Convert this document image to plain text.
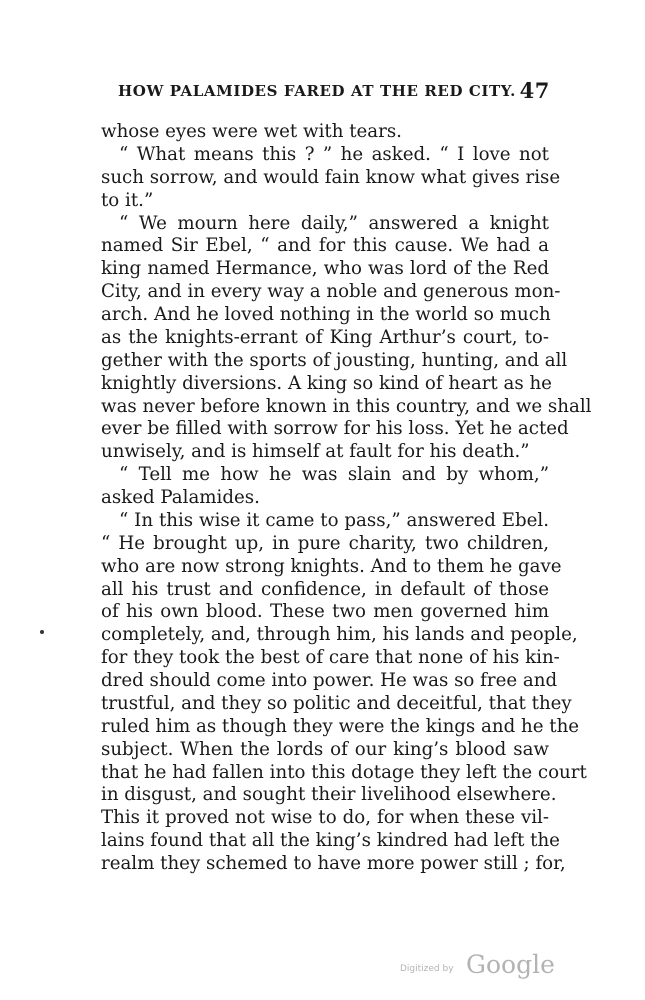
HOW PALAMIDES FARED AT THE RED CITY. 47
whose eyes were wet with tears.
“ What means this ? ” he asked. “ I love not
such sorrow, and would fain know what gives rise
to it.”
“ We mourn here daily,” answered a knight
named Sir Ebel, “ and for this cause. We had a
king named Hermance, who was lord of the Red
City, and in every way a noble and generous mon-
arch. And he loved nothing in the world so much
as the knights-errant of King Arthur’s court, to-
gether with the sports of jousting, hunting, and all
knightly diversions. A king so kind of heart as he
was never before known in this country, and we shall
ever be filled with sorrow for his loss. Yet he acted
unwisely, and is himself at fault for his death.”
“ Tell me how he was slain and by whom,”
asked Palamides.
“ In this wise it came to pass,” answered Ebel.
“ He brought up, in pure charity, two children,
who are now strong knights. And to them he gave
all his trust and confidence, in default of those
of his own blood. These two men governed him
completely, and, through him, his lands and people,
for they took the best of care that none of his kin-
dred should come into power. He was so free and
trustful, and they so politic and deceitful, that they
ruled him as though they were the kings and he the
subject. When the lords of our king’s blood saw
that he had fallen into this dotage they left the court
in disgust, and sought their livelihood elsewhere.
This it proved not wise to do, for when these vil-
lains found that all the king’s kindred had left the
realm they schemed to have more power still ; for,
Digitized by Google
